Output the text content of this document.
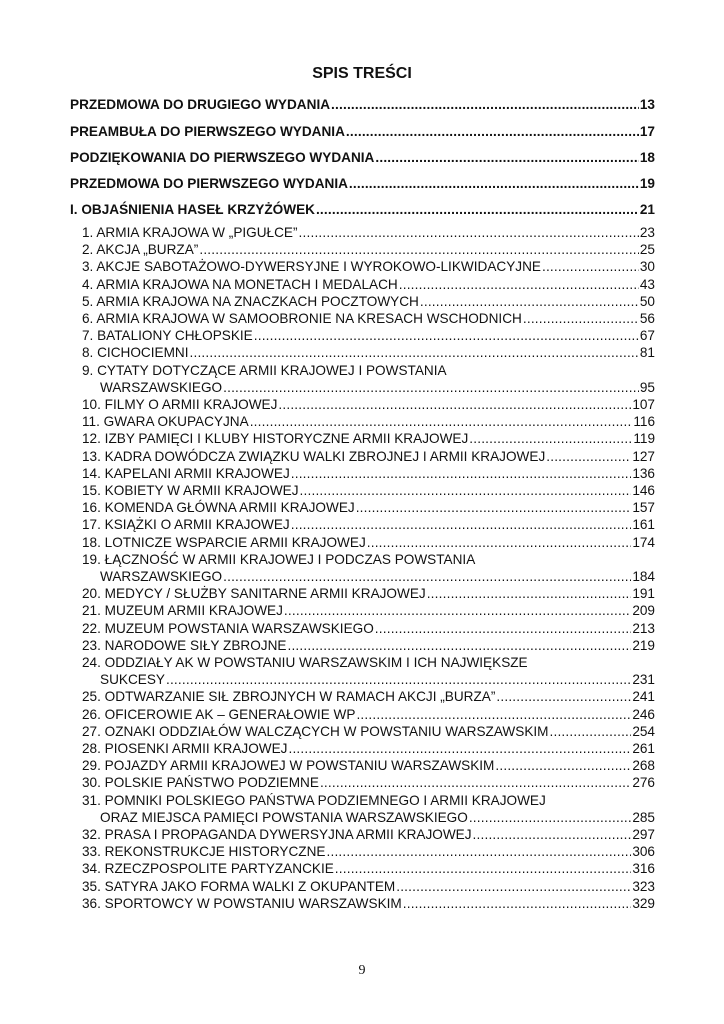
SPIS TREŚCI
PRZEDMOWA DO DRUGIEGO WYDANIA .....	13
PREAMBUŁA DO PIERWSZEGO WYDANIA .....	17
PODZIĘKOWANIA DO PIERWSZEGO WYDANIA .....	18
PRZEDMOWA DO PIERWSZEGO WYDANIA .....	19
I. OBJAŚNIENIA HASEŁ KRZYŻÓWEK .....	21
1. ARMIA KRAJOWA W „PIGUŁCE” .....	23
2. AKCJA „BURZA” .....	25
3. AKCJE SABOTAŻOWO-DYWERSYJNE I WYROKOWO-LIKWIDACYJNE .....	30
4. ARMIA KRAJOWA NA MONETACH I MEDALACH .....	43
5. ARMIA KRAJOWA NA ZNACZKACH POCZTOWYCH .....	50
6. ARMIA KRAJOWA W SAMOOBRONIE NA KRESACH WSCHODNICH .....	56
7. BATALIONY CHŁOPSKIE .....	67
8. CICHOCIEMNI .....	81
9. CYTATY DOTYCZĄCE ARMII KRAJOWEJ I POWSTANIA
WARSZAWSKIEGO .....	95
10. FILMY O ARMII KRAJOWEJ .....	107
11. GWARA OKUPACYJNA .....	116
12. IZBY PAMIĘCI I KLUBY HISTORYCZNE ARMII KRAJOWEJ .....	119
13. KADRA DOWÓDCZA ZWIĄZKU WALKI ZBROJNEJ I ARMII KRAJOWEJ .....	127
14. KAPELANI ARMII KRAJOWEJ .....	136
15. KOBIETY W ARMII KRAJOWEJ .....	146
16. KOMENDA GŁÓWNA ARMII KRAJOWEJ .....	157
17. KSIĄŻKI O ARMII KRAJOWEJ .....	161
18. LOTNICZE WSPARCIE ARMII KRAJOWEJ .....	174
19. ŁĄCZNOŚĆ W ARMII KRAJOWEJ I PODCZAS POWSTANIA
WARSZAWSKIEGO .....	184
20. MEDYCY / SŁUŻBY SANITARNE ARMII KRAJOWEJ .....	191
21. MUZEUM ARMII KRAJOWEJ .....	209
22. MUZEUM POWSTANIA WARSZAWSKIEGO .....	213
23. NARODOWE SIŁY ZBROJNE .....	219
24. ODDZIAŁY AK W POWSTANIU WARSZAWSKIM I ICH NAJWIĘKSZE
SUKCESY .....	231
25. ODTWARZANIE SIŁ ZBROJNYCH W RAMACH AKCJI „BURZA” .....	241
26. OFICEROWIE AK – GENERAŁOWIE WP .....	246
27. OZNAKI ODDZIAŁÓW WALCZĄCYCH W POWSTANIU WARSZAWSKIM .....	254
28. PIOSENKI ARMII KRAJOWEJ .....	261
29. POJAZDY ARMII KRAJOWEJ W POWSTANIU WARSZAWSKIM .....	268
30. POLSKIE PAŃSTWO PODZIEMNE .....	276
31. POMNIKI POLSKIEGO PAŃSTWA PODZIEMNEGO I ARMII KRAJOWEJ
ORAZ MIEJSCA PAMIĘCI POWSTANIA WARSZAWSKIEGO .....	285
32. PRASA I PROPAGANDA DYWERSYJNA ARMII KRAJOWEJ .....	297
33. REKONSTRUKCJE HISTORYCZNE .....	306
34. RZECZPOSPOLITE PARTYZANCKIE .....	316
35. SATYRA JAKO FORMA WALKI Z OKUPANTEM .....	323
36. SPORTOWCY W POWSTANIU WARSZAWSKIM .....	329
9
